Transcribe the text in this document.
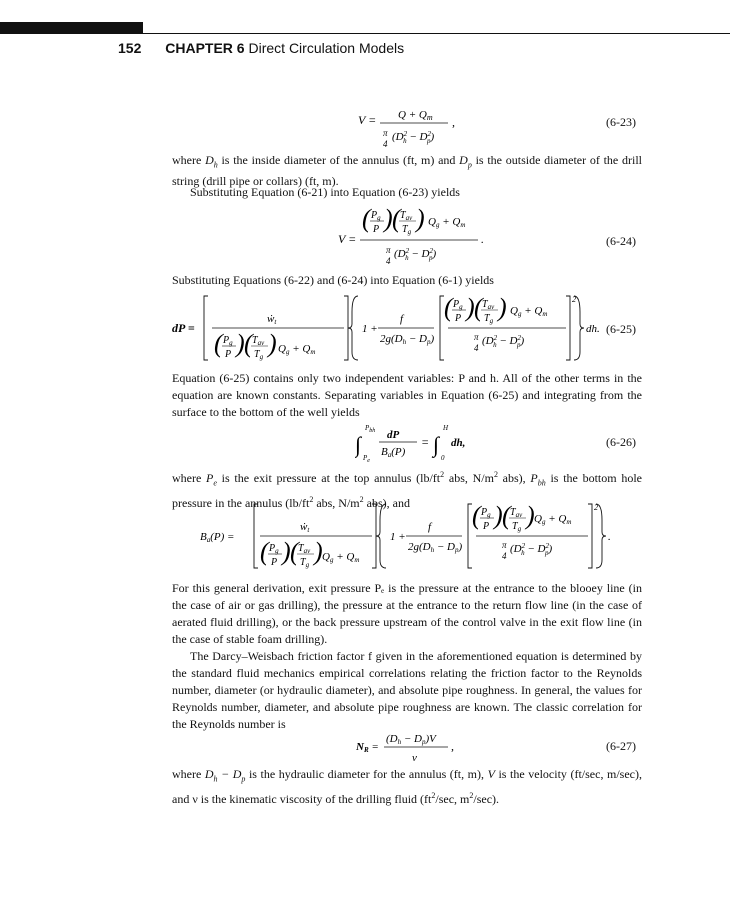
152 CHAPTER 6 Direct Circulation Models
V = Q + Qm
π
4
($D^2$ $h - D^2$ p)
,	(6-23)
where $D_h$ is the inside diameter of the annulus (ft, m) and $D_p$ is the outside diameter of the drill string (drill pipe or collars) (ft, m).
Substituting Equation (6-21) into Equation (6-23) yields
V =
( $P_g$
P ) ( $T_{av}$
$T_g$ ) Qg + Qm
π
4
($D^2$ $h - D^2$ p)
.	(6-24)
Substituting Equations (6-22) and (6-24) into Equation (6-1) yields
dP =
ẇt
( $P_g$
P ) ( $T_{av}$
$T_g$ ) Qg + Qm
1 +
f
2g(Dh − Dp)
( $P_g$
P ) ( $T_{av}$
$T_g$ ) Qg + Qm
π
4
($D^2$ $h - D^2$ p)
2
dh. (6-25)
Equation (6-25) contains only two independent variables: P and h. All of the other terms in the equation are known constants. Separating variables in Equation (6-25) and integrating from the surface to the bottom of the well yields
∫
Pbh
Pe
dP
Ba(P)
= ∫
H
0
dh,	(6-26)
where $P_e$ is the exit pressure at the top annulus ($lb/ft^2$ abs, $N/m^2$ abs), $P_{bh}$ is the bottom hole pressure in the annulus ($lb/ft^2$ abs, $N/m^2$ abs), and
Ba(P) =
ẇt
( $P_g$
P ) ( $T_{av}$
$T_g$ ) Qg + Qm
1 +
f
2g(Dh − Dp)
( $P_g$
P ) ( $T_{av}$
$T_g$ ) Qg + Qm
π
4
($D^2$ $h - D^2$ p)
2
.
For this general derivation, exit pressure Pₑ is the pressure at the entrance to the blooey line (in the case of air or gas drilling), the pressure at the entrance to the return flow line (in the case of aerated fluid drilling), or the back pressure upstream of the control valve in the exit flow line (in the case of stable foam drilling).
The Darcy–Weisbach friction factor f given in the aforementioned equation is determined by the standard fluid mechanics empirical correlations relating the friction factor to the Reynolds number, diameter (or hydraulic diameter), and absolute pipe roughness. In general, the values for Reynolds number, diameter, and absolute pipe roughness are known. The classic correlation for the Reynolds number is
NR =
(Dh − Dp)V
ν
,	(6-27)
where $D_h - D_p$ is the hydraulic diameter for the annulus (ft, m), V is the velocity (ft/sec, m/sec), and ν is the kinematic viscosity of the drilling fluid ($ft^2/\sec$, $m^2/\sec$).
